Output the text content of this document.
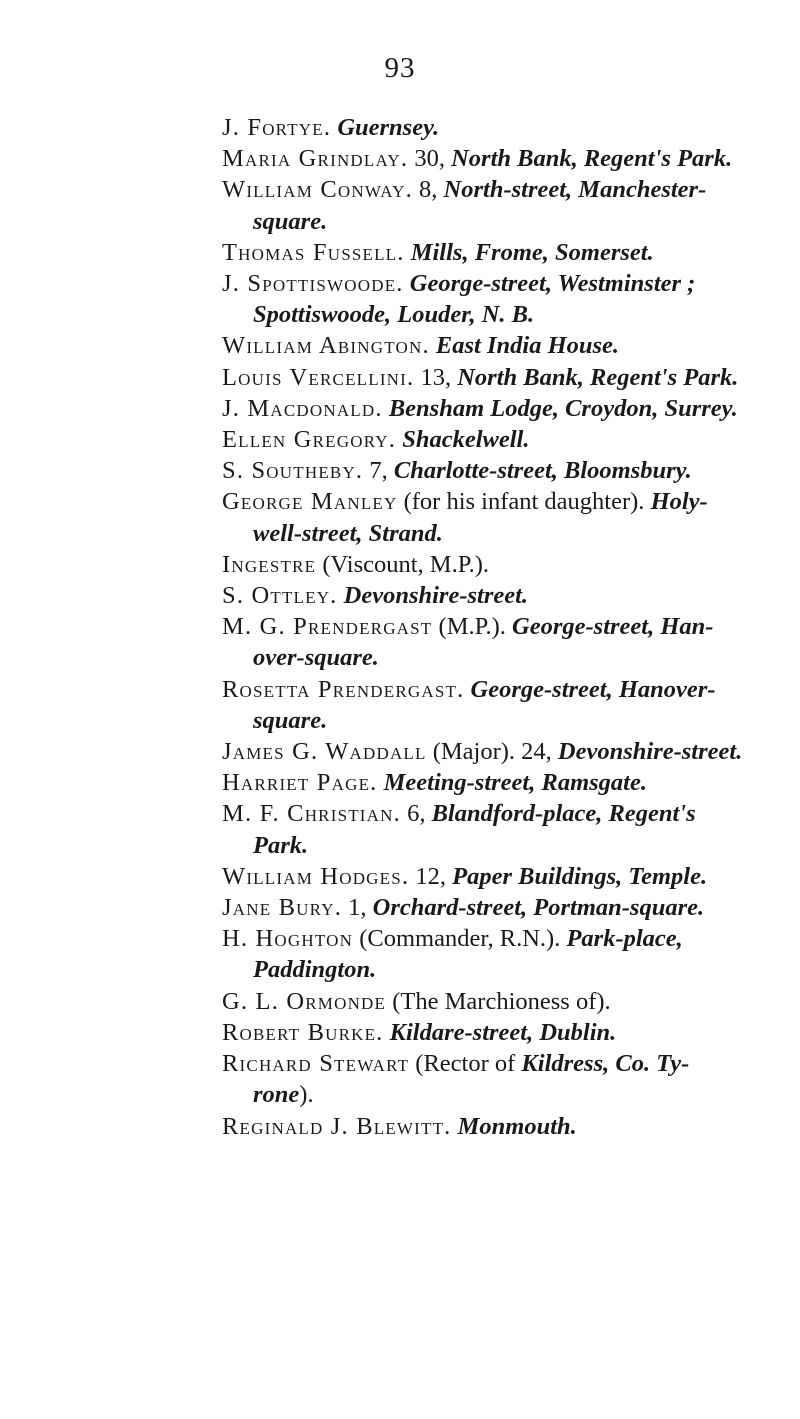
93
J. Fortye. Guernsey.
Maria Grindlay. 30, North Bank, Regent's Park.
William Conway. 8, North-street, Manchester-
square.
Thomas Fussell. Mills, Frome, Somerset.
J. Spottiswoode. George-street, Westminster ;
Spottiswoode, Louder, N. B.
William Abington. East India House.
Louis Vercellini. 13, North Bank, Regent's Park.
J. Macdonald. Bensham Lodge, Croydon, Surrey.
Ellen Gregory. Shackelwell.
S. Southeby. 7, Charlotte-street, Bloomsbury.
George Manley (for his infant daughter). Holy-
well-street, Strand.
Ingestre (Viscount, M.P.).
S. Ottley. Devonshire-street.
M. G. Prendergast (M.P.). George-street, Han-
over-square.
Rosetta Prendergast. George-street, Hanover-
square.
James G. Waddall (Major). 24, Devonshire-street.
Harriet Page. Meeting-street, Ramsgate.
M. F. Christian. 6, Blandford-place, Regent's
Park.
William Hodges. 12, Paper Buildings, Temple.
Jane Bury. 1, Orchard-street, Portman-square.
H. Hoghton (Commander, R.N.). Park-place,
Paddington.
G. L. Ormonde (The Marchioness of).
Robert Burke. Kildare-street, Dublin.
Richard Stewart (Rector of Kildress, Co. Ty-
rone).
Reginald J. Blewitt. Monmouth.
